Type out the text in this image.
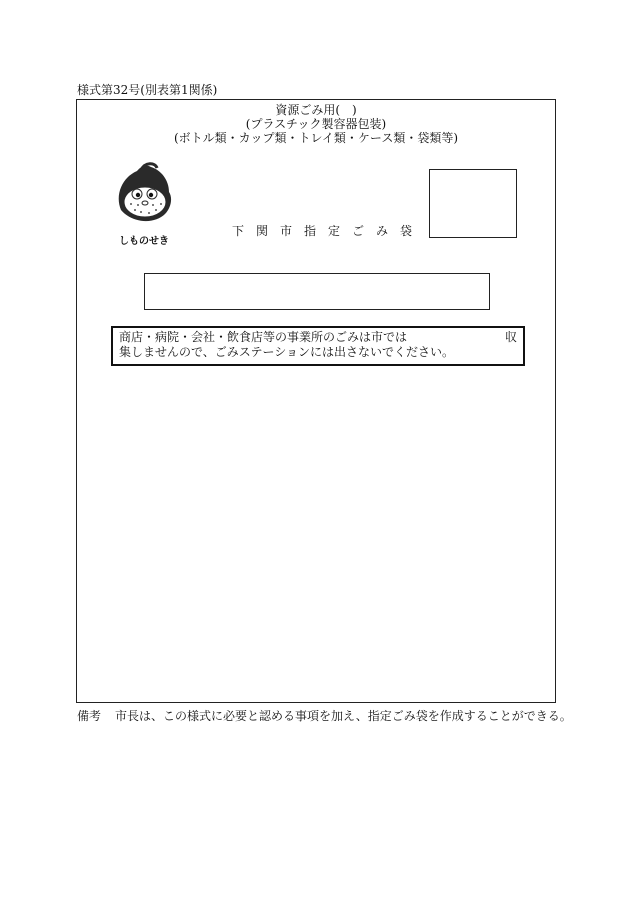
様式第32号(別表第1関係)
資源ごみ用(　)
(プラスチック製容器包装)
(ボトル類・カップ類・トレイ類・ケース類・袋類等)
しものせき
下関市指定ごみ袋
商店・病院・会社・飲食店等の事業所のごみは市では	収
集しませんので、ごみステーションには出さないでください。
備考 市長は、この様式に必要と認める事項を加え、指定ごみ袋を作成することができる。
